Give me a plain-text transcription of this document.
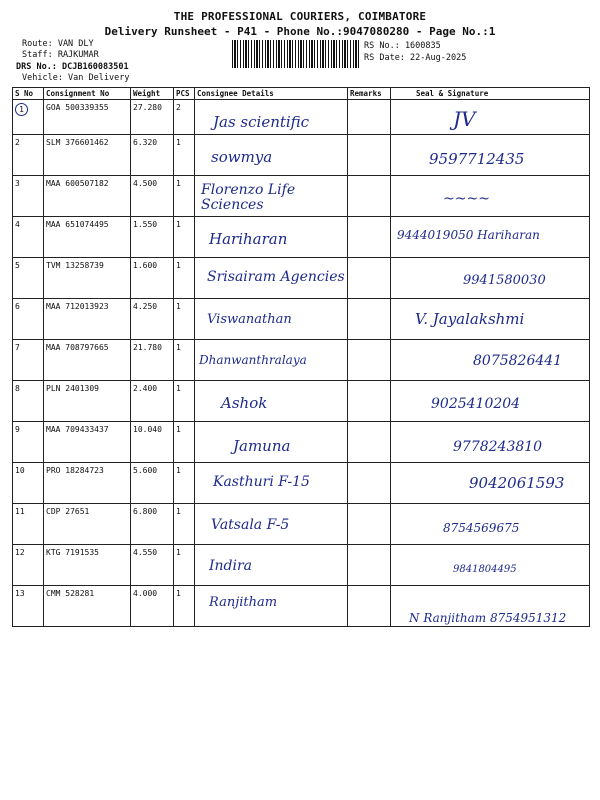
THE PROFESSIONAL COURIERS, COIMBATORE
Delivery Runsheet - P41 - Phone No.:9047080280 - Page No.:1
Route: VAN DLY
Staff: RAJKUMAR
DRS No.: DCJB160083501
Vehicle: Van Delivery
RS No.: 1600835
RS Date: 22-Aug-2025
S No	Consignment No	Weight	PCS	Consignee Details	Remarks	Seal & Signature
1	GOA 500339355	27.280	2	Jas scientific		JV

2	SLM 376601462	6.320	1	sowmya		9597712435

3	MAA 600507182	4.500	1	Florenzo Life Sciences		~~~~

4	MAA 651074495	1.550	1	Hariharan		9444019050 Hariharan

5	TVM 13258739	1.600	1	Srisairam Agencies		9941580030

6	MAA 712013923	4.250	1	Viswanathan		V. Jayalakshmi

7	MAA 708797665	21.780	1	Dhanwanthralaya		8075826441

8	PLN 2401309	2.400	1	Ashok		9025410204

9	MAA 709433437	10.040	1	Jamuna		9778243810

10	PRO 18284723	5.600	1	Kasthuri F-15		9042061593

11	CDP 27651	6.800	1	Vatsala F-5		8754569675

12	KTG 7191535	4.550	1	Indira		9841804495

13	CMM 528281	4.000	1	Ranjitham		N Ranjitham 8754951312
